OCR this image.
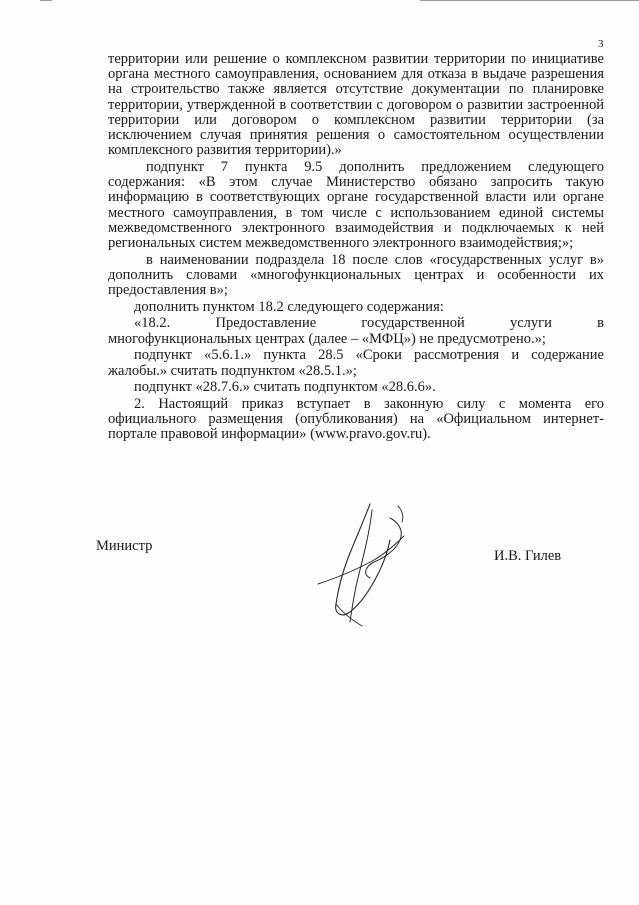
3

территории или решение о комплексном развитии территории по инициативе органа местного самоуправления, основанием для отказа в выдаче разрешения на строительство также является отсутствие документации по планировке территории, утвержденной в соответствии с договором о развитии застроенной территории или договором о комплексном развитии территории (за исключением случая принятия решения о самостоятельном осуществлении комплексного развития территории).»

подпункт 7 пункта 9.5 дополнить предложением следующего содержания: «В этом случае Министерство обязано запросить такую информацию в соответствующих органе государственной власти или органе местного самоуправления, в том числе с использованием единой системы межведомственного электронного взаимодействия и подключаемых к ней региональных систем межведомственного электронного взаимодействия;»;

в наименовании подраздела 18 после слов «государственных услуг в» дополнить словами «многофункциональных центрах и особенности их предоставления в»;

дополнить пунктом 18.2 следующего содержания:

«18.2. Предоставление государственной услуги в

многофункциональных центрах (далее – «МФЦ») не предусмотрено.»;

подпункт «5.6.1.» пункта 28.5 «Сроки рассмотрения и содержание жалобы.» считать подпунктом «28.5.1.»;

подпункт «28.7.6.» считать подпунктом «28.6.6».

2. Настоящий приказ вступает в законную силу с момента его официального размещения (опубликования) на «Официальном интернет-портале правовой информации» (www.pravo.gov.ru).

Министр
И.В. Гилев
